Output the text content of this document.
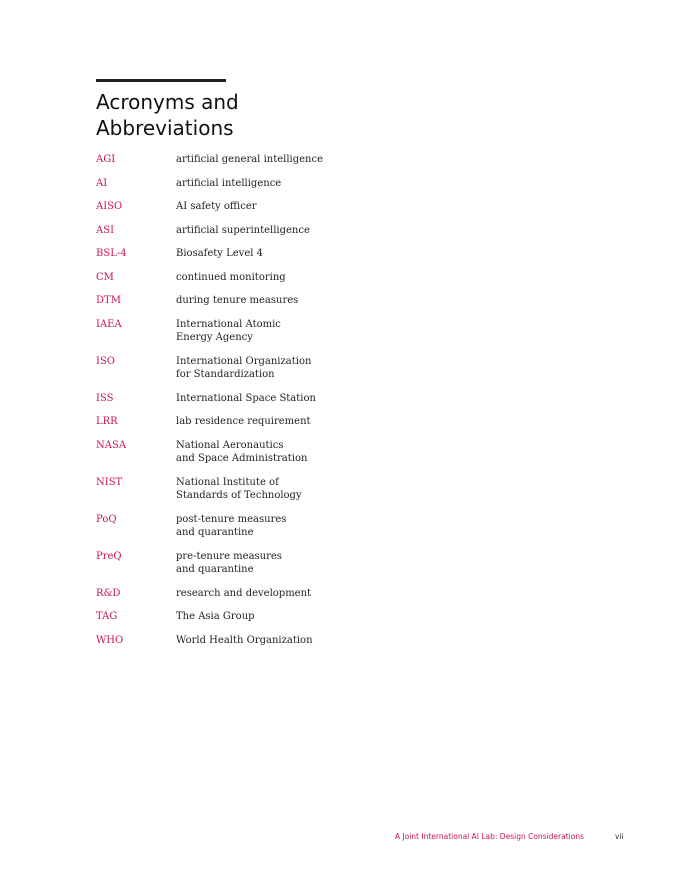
Acronyms and
Abbreviations
AGI	artificial general intelligence
AI	artificial intelligence
AISO	AI safety officer
ASI	artificial superintelligence
BSL-4	Biosafety Level 4
CM	continued monitoring
DTM	during tenure measures
IAEA	International Atomic
Energy Agency
ISO	International Organization
for Standardization
ISS	International Space Station
LRR	lab residence requirement
NASA	National Aeronautics
and Space Administration
NIST	National Institute of
Standards of Technology
PoQ	post-tenure measures
and quarantine
PreQ	pre-tenure measures
and quarantine
R&D	research and development
TAG	The Asia Group
WHO	World Health Organization
A Joint International AI Lab: Design Considerations	vii
